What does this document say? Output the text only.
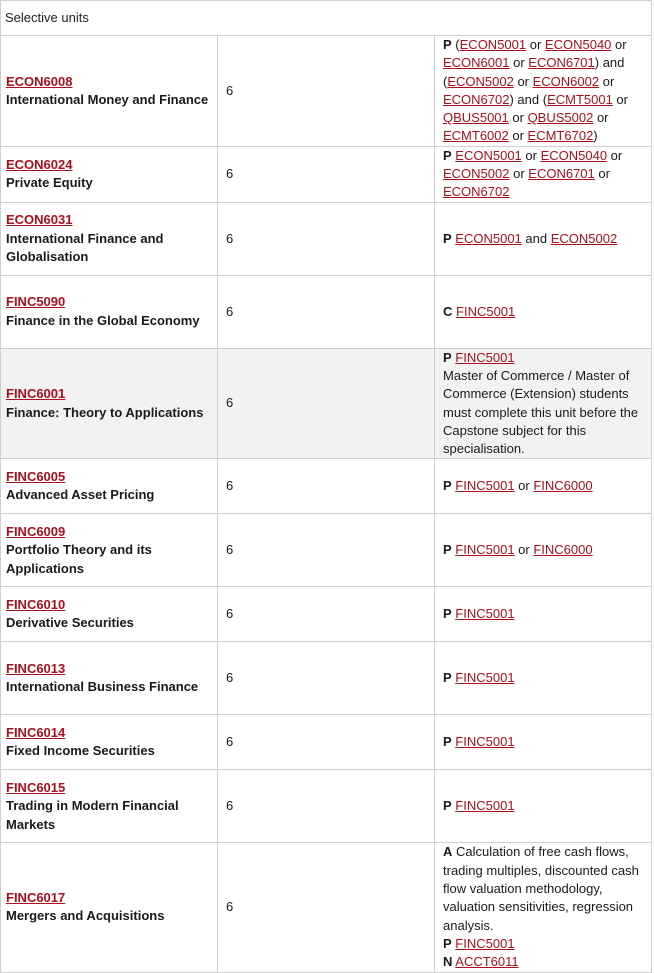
Selective units		
ECON6008
International Money and Finance	6	P (ECON5001 or ECON5040 or ECON6001 or ECON6701) and (ECON5002 or ECON6002 or ECON6702) and (ECMT5001 or QBUS5001 or QBUS5002 or ECMT6002 or ECMT6702)

ECON6024
Private Equity	6	P ECON5001 or ECON5040 or ECON5002 or ECON6701 or ECON6702

ECON6031
International Finance and Globalisation	6	P ECON5001 and ECON5002

FINC5090
Finance in the Global Economy	6	C FINC5001

FINC6001
Finance: Theory to Applications	6	P FINC5001
Master of Commerce / Master of Commerce (Extension) students must complete this unit before the Capstone subject for this specialisation.

FINC6005
Advanced Asset Pricing	6	P FINC5001 or FINC6000

FINC6009
Portfolio Theory and its Applications	6	P FINC5001 or FINC6000

FINC6010
Derivative Securities	6	P FINC5001

FINC6013
International Business Finance	6	P FINC5001

FINC6014
Fixed Income Securities	6	P FINC5001

FINC6015
Trading in Modern Financial Markets	6	P FINC5001

FINC6017
Mergers and Acquisitions	6	A Calculation of free cash flows, trading multiples, discounted cash flow valuation methodology, valuation sensitivities, regression analysis.
P FINC5001
N ACCT6011
